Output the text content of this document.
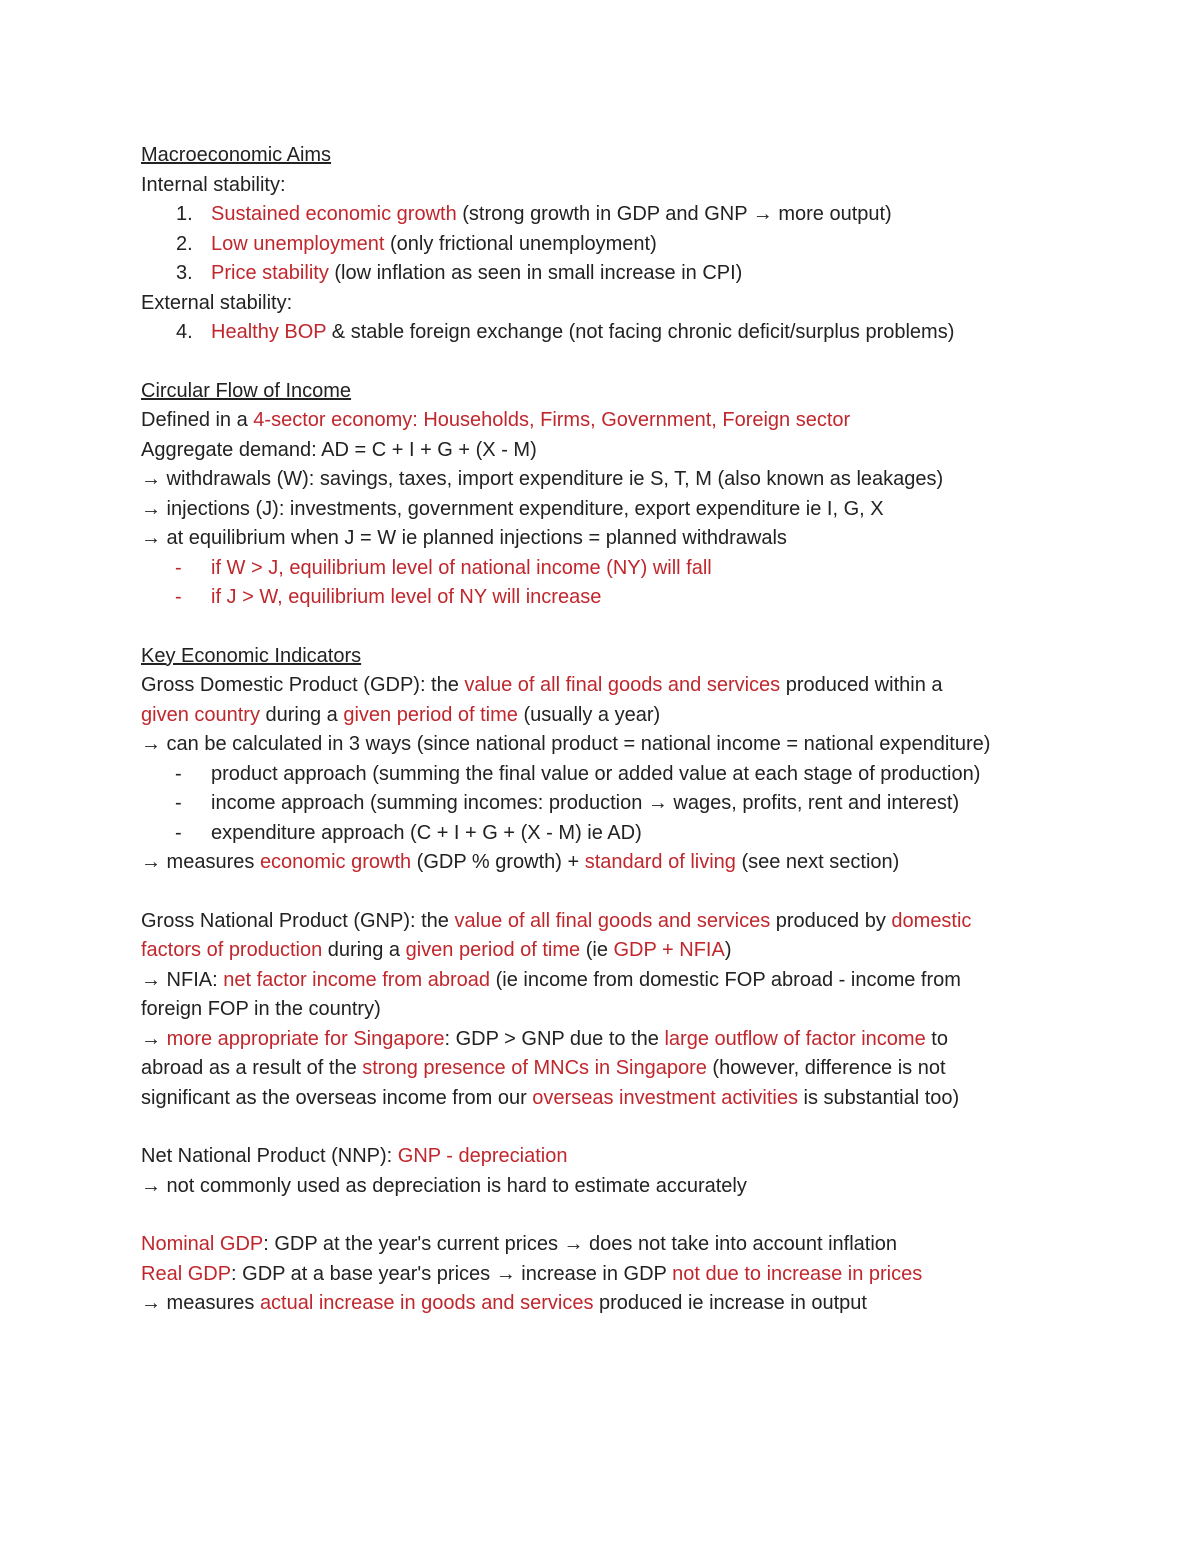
Macroeconomic Aims
Internal stability:
1. Sustained economic growth (strong growth in GDP and GNP → more output)
2. Low unemployment (only frictional unemployment)
3. Price stability (low inflation as seen in small increase in CPI)
External stability:
4. Healthy BOP & stable foreign exchange (not facing chronic deficit/surplus problems)
Circular Flow of Income
Defined in a 4-sector economy: Households, Firms, Government, Foreign sector
Aggregate demand: AD = C + I + G + (X - M)
→ withdrawals (W): savings, taxes, import expenditure ie S, T, M (also known as leakages)
→ injections (J): investments, government expenditure, export expenditure ie I, G, X
→ at equilibrium when J = W ie planned injections = planned withdrawals
- if W > J, equilibrium level of national income (NY) will fall
- if J > W, equilibrium level of NY will increase
Key Economic Indicators
Gross Domestic Product (GDP): the value of all final goods and services produced within a
given country during a given period of time (usually a year)
→ can be calculated in 3 ways (since national product = national income = national expenditure)
- product approach (summing the final value or added value at each stage of production)
- income approach (summing incomes: production → wages, profits, rent and interest)
- expenditure approach (C + I + G + (X - M) ie AD)
→ measures economic growth (GDP % growth) + standard of living (see next section)
Gross National Product (GNP): the value of all final goods and services produced by domestic
factors of production during a given period of time (ie GDP + NFIA)
→ NFIA: net factor income from abroad (ie income from domestic FOP abroad - income from
foreign FOP in the country)
→ more appropriate for Singapore: GDP > GNP due to the large outflow of factor income to
abroad as a result of the strong presence of MNCs in Singapore (however, difference is not
significant as the overseas income from our overseas investment activities is substantial too)
Net National Product (NNP): GNP - depreciation
→ not commonly used as depreciation is hard to estimate accurately
Nominal GDP: GDP at the year's current prices → does not take into account inflation
Real GDP: GDP at a base year's prices → increase in GDP not due to increase in prices
→ measures actual increase in goods and services produced ie increase in output
